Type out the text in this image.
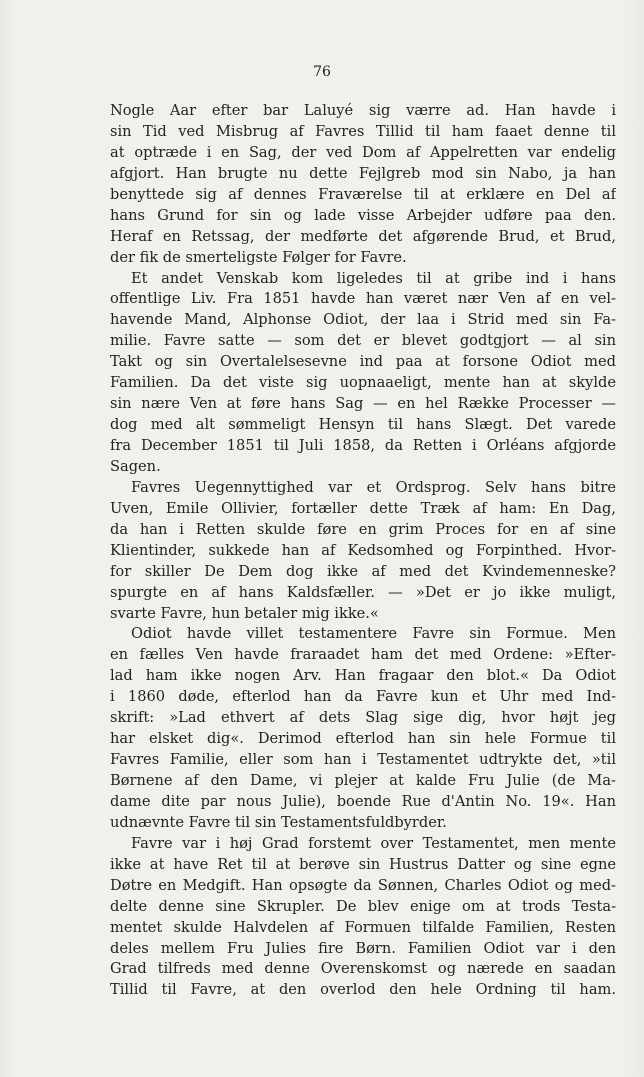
76
Nogle Aar efter bar Laluyé sig værre ad. Han havde i
sin Tid ved Misbrug af Favres Tillid til ham faaet denne til
at optræde i en Sag, der ved Dom af Appelretten var endelig
afgjort. Han brugte nu dette Fejlgreb mod sin Nabo, ja han
benyttede sig af dennes Fraværelse til at erklære en Del af
hans Grund for sin og lade visse Arbejder udføre paa den.
Heraf en Retssag, der medførte det afgørende Brud, et Brud,
der fik de smerteligste Følger for Favre.
Et andet Venskab kom ligeledes til at gribe ind i hans
offentlige Liv. Fra 1851 havde han været nær Ven af en vel-
havende Mand, Alphonse Odiot, der laa i Strid med sin Fa-
milie. Favre satte — som det er blevet godtgjort — al sin
Takt og sin Overtalelsesevne ind paa at forsone Odiot med
Familien. Da det viste sig uopnaaeligt, mente han at skylde
sin nære Ven at føre hans Sag — en hel Række Processer —
dog med alt sømmeligt Hensyn til hans Slægt. Det varede
fra December 1851 til Juli 1858, da Retten i Orléans afgjorde
Sagen.
Favres Uegennyttighed var et Ordsprog. Selv hans bitre
Uven, Emile Ollivier, fortæller dette Træk af ham: En Dag,
da han i Retten skulde føre en grim Proces for en af sine
Klientinder, sukkede han af Kedsomhed og Forpinthed. Hvor-
for skiller De Dem dog ikke af med det Kvindemenneske?
spurgte en af hans Kaldsfæller. — »Det er jo ikke muligt,
svarte Favre, hun betaler mig ikke.«
Odiot havde villet testamentere Favre sin Formue. Men
en fælles Ven havde fraraadet ham det med Ordene: »Efter-
lad ham ikke nogen Arv. Han fragaar den blot.« Da Odiot
i 1860 døde, efterlod han da Favre kun et Uhr med Ind-
skrift: »Lad ethvert af dets Slag sige dig, hvor højt jeg
har elsket dig«. Derimod efterlod han sin hele Formue til
Favres Familie, eller som han i Testamentet udtrykte det, »til
Børnene af den Dame, vi plejer at kalde Fru Julie (de Ma-
dame dite par nous Julie), boende Rue d'Antin No. 19«. Han
udnævnte Favre til sin Testamentsfuldbyrder.
Favre var i høj Grad forstemt over Testamentet, men mente
ikke at have Ret til at berøve sin Hustrus Datter og sine egne
Døtre en Medgift. Han opsøgte da Sønnen, Charles Odiot og med-
delte denne sine Skrupler. De blev enige om at trods Testa-
mentet skulde Halvdelen af Formuen tilfalde Familien, Resten
deles mellem Fru Julies fire Børn. Familien Odiot var i den
Grad tilfreds med denne Overenskomst og nærede en saadan
Tillid til Favre, at den overlod den hele Ordning til ham.
